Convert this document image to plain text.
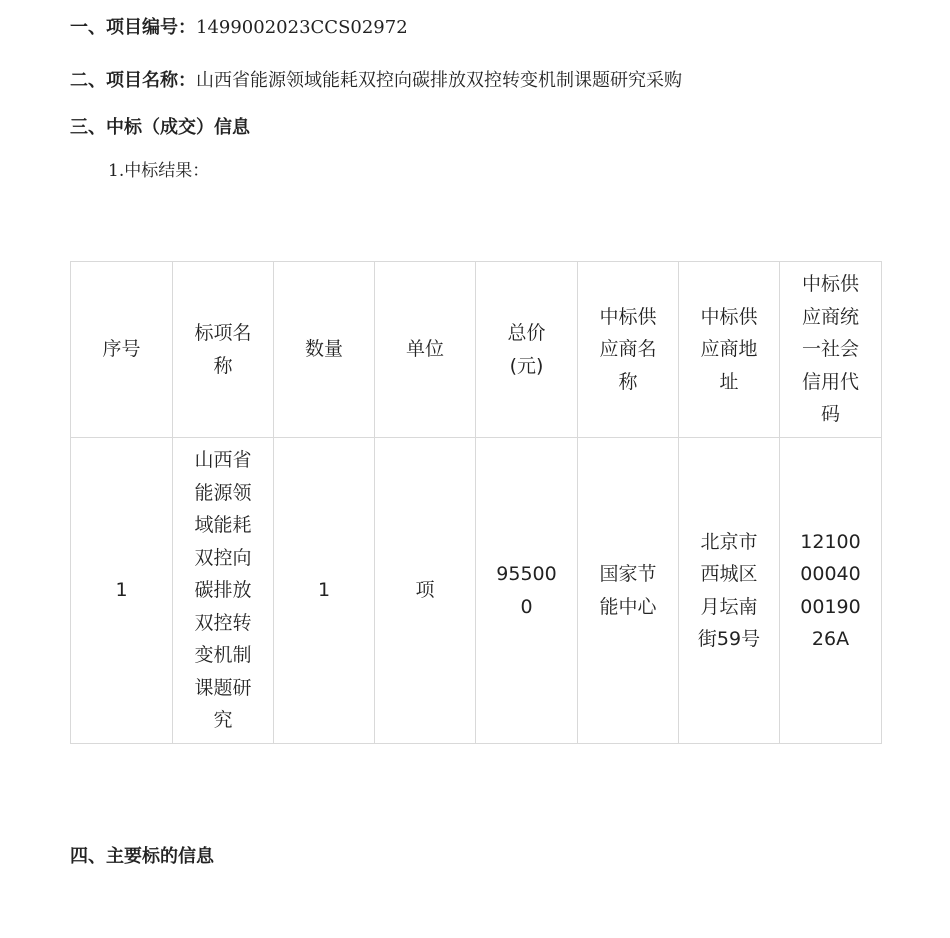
一、项目编号：1499002023CCS02972
二、项目名称：山西省能源领域能耗双控向碳排放双控转变机制课题研究采购
三、中标（成交）信息
1.中标结果：
序号	标项名称	数量	单位	总价(元)	中标供应商名称	中标供应商地址	中标供应商统一社会信用代码
1	山西省能源领域能耗双控向碳排放双控转变机制课题研究	1	项	955000	国家节能中心	北京市西城区月坛南街59号	12100000400019026A
四、主要标的信息
